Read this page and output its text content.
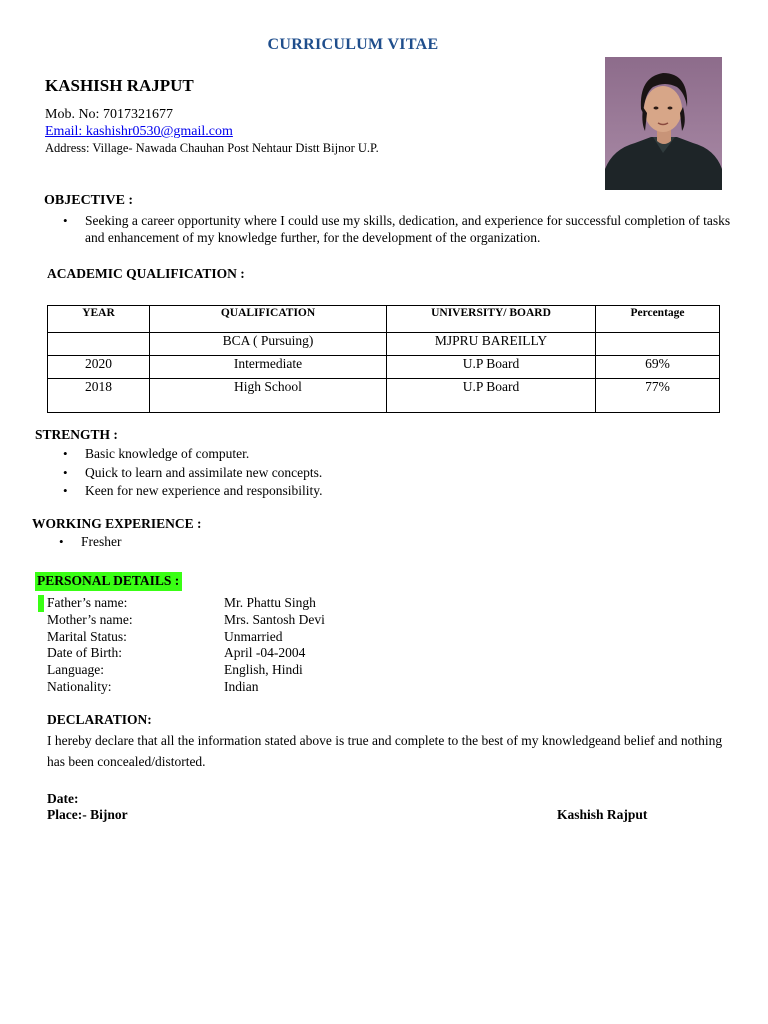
CURRICULUM VITAE
KASHISH RAJPUT
Mob. No: 7017321677
Email: kashishr0530@gmail.com
Address: Village- Nawada Chauhan Post Nehtaur Distt Bijnor U.P.
OBJECTIVE :
• Seeking a career opportunity where I could use my skills, dedication, and experience for successful completion of tasks and enhancement of my knowledge further, for the development of the organization.
ACADEMIC QUALIFICATION :
YEAR	QUALIFICATION	UNIVERSITY/ BOARD	Percentage
	BCA ( Pursuing)	MJPRU BAREILLY	
2020	Intermediate	U.P Board	69%
2018	High School	U.P Board	77%
STRENGTH :
• Basic knowledge of computer.
• Quick to learn and assimilate new concepts.
• Keen for new experience and responsibility.
WORKING EXPERIENCE :
• Fresher
PERSONAL DETAILS :
Father’s name:	Mr. Phattu Singh
Mother’s name:	Mrs. Santosh Devi
Marital Status:	Unmarried
Date of Birth:	April -04-2004
Language:	English, Hindi
Nationality:	Indian
DECLARATION:
I hereby declare that all the information stated above is true and complete to the best of my knowledgeand belief and nothing has been concealed/distorted.
Date:
Place:- Bijnor	Kashish Rajput
